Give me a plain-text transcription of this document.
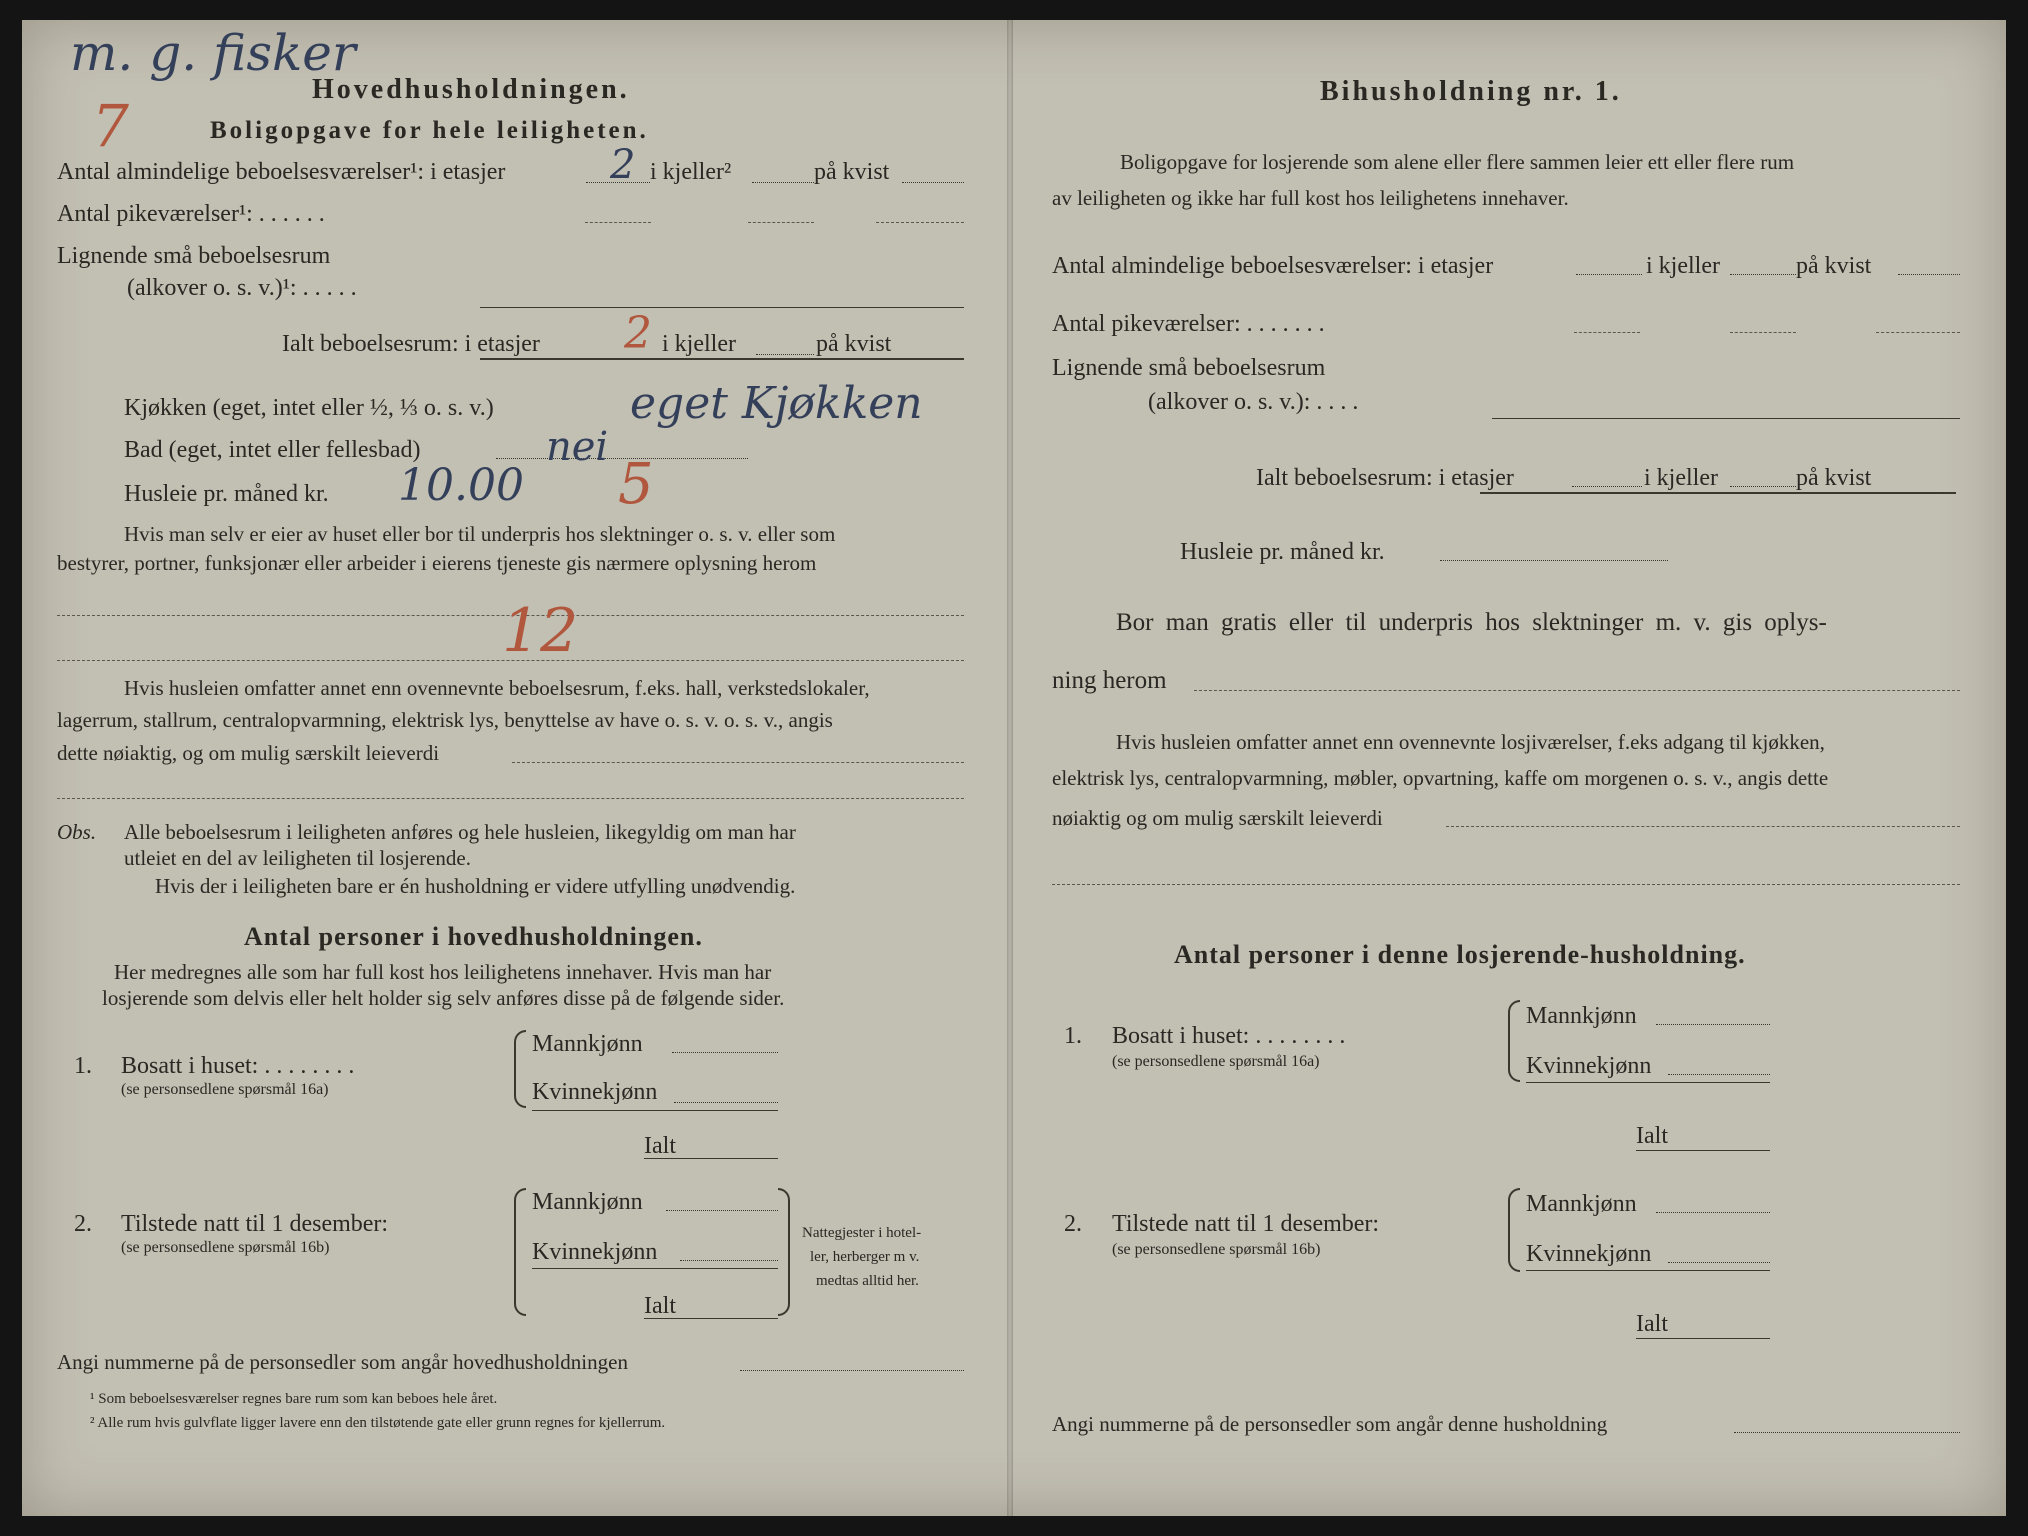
m. g. fisker
7
Hovedhusholdningen.
Boligopgave for hele leiligheten.
Antal almindelige beboelsesværelser¹: i etasjer	2 i kjeller²	på kvist
Antal pikeværelser¹: . . . . . .
Lignende små beboelsesrum
(alkover o. s. v.)¹: . . . . .
Ialt beboelsesrum: i etasjer 2 i kjeller	på kvist
Kjøkken (eget, intet eller ½, ⅓ o. s. v.)	eget Kjøkken
Bad (eget, intet eller fellesbad)	nei
Husleie pr. måned kr. 10.00 5
Hvis man selv er eier av huset eller bor til underpris hos slektninger o. s. v. eller som
bestyrer, portner, funksjonær eller arbeider i eierens tjeneste gis nærmere oplysning herom
12
Hvis husleien omfatter annet enn ovennevnte beboelsesrum, f.eks. hall, verkstedslokaler,
lagerrum, stallrum, centralopvarmning, elektrisk lys, benyttelse av have o. s. v. o. s. v., angis
dette nøiaktig, og om mulig særskilt leieverdi
Obs. Alle beboelsesrum i leiligheten anføres og hele husleien, likegyldig om man har
utleiet en del av leiligheten til losjerende.
Hvis der i leiligheten bare er én husholdning er videre utfylling unødvendig.
Antal personer i hovedhusholdningen.
Her medregnes alle som har full kost hos leilighetens innehaver. Hvis man har
losjerende som delvis eller helt holder sig selv anføres disse på de følgende sider.
1. Bosatt i huset: . . . . . . . .
(se personsedlene spørsmål 16a)
Mannkjønn
Kvinnekjønn
Ialt
2. Tilstede natt til 1 desember:
(se personsedlene spørsmål 16b)
Mannkjønn
Kvinnekjønn
Ialt
Nattegjester i hotel-
ler, herberger m v.
medtas alltid her.
Angi nummerne på de personsedler som angår hovedhusholdningen
¹ Som beboelsesværelser regnes bare rum som kan beboes hele året.
² Alle rum hvis gulvflate ligger lavere enn den tilstøtende gate eller grunn regnes for kjellerrum.
Bihusholdning nr. 1.
Boligopgave for losjerende som alene eller flere sammen leier ett eller flere rum
av leiligheten og ikke har full kost hos leilighetens innehaver.
Antal almindelige beboelsesværelser: i etasjer	i kjeller	på kvist
Antal pikeværelser: . . . . . . .
Lignende små beboelsesrum
(alkover o. s. v.): . . . .
Ialt beboelsesrum: i etasjer	i kjeller	på kvist
Husleie pr. måned kr.
Bor man gratis eller til underpris hos slektninger m. v. gis oplys-
ning herom
Hvis husleien omfatter annet enn ovennevnte losjiværelser, f.eks adgang til kjøkken,
elektrisk lys, centralopvarmning, møbler, opvartning, kaffe om morgenen o. s. v., angis dette
nøiaktig og om mulig særskilt leieverdi
Antal personer i denne losjerende-husholdning.
1. Bosatt i huset: . . . . . . . .
(se personsedlene spørsmål 16a)
Mannkjønn
Kvinnekjønn
Ialt
2. Tilstede natt til 1 desember:
(se personsedlene spørsmål 16b)
Mannkjønn
Kvinnekjønn
Ialt
Angi nummerne på de personsedler som angår denne husholdning
